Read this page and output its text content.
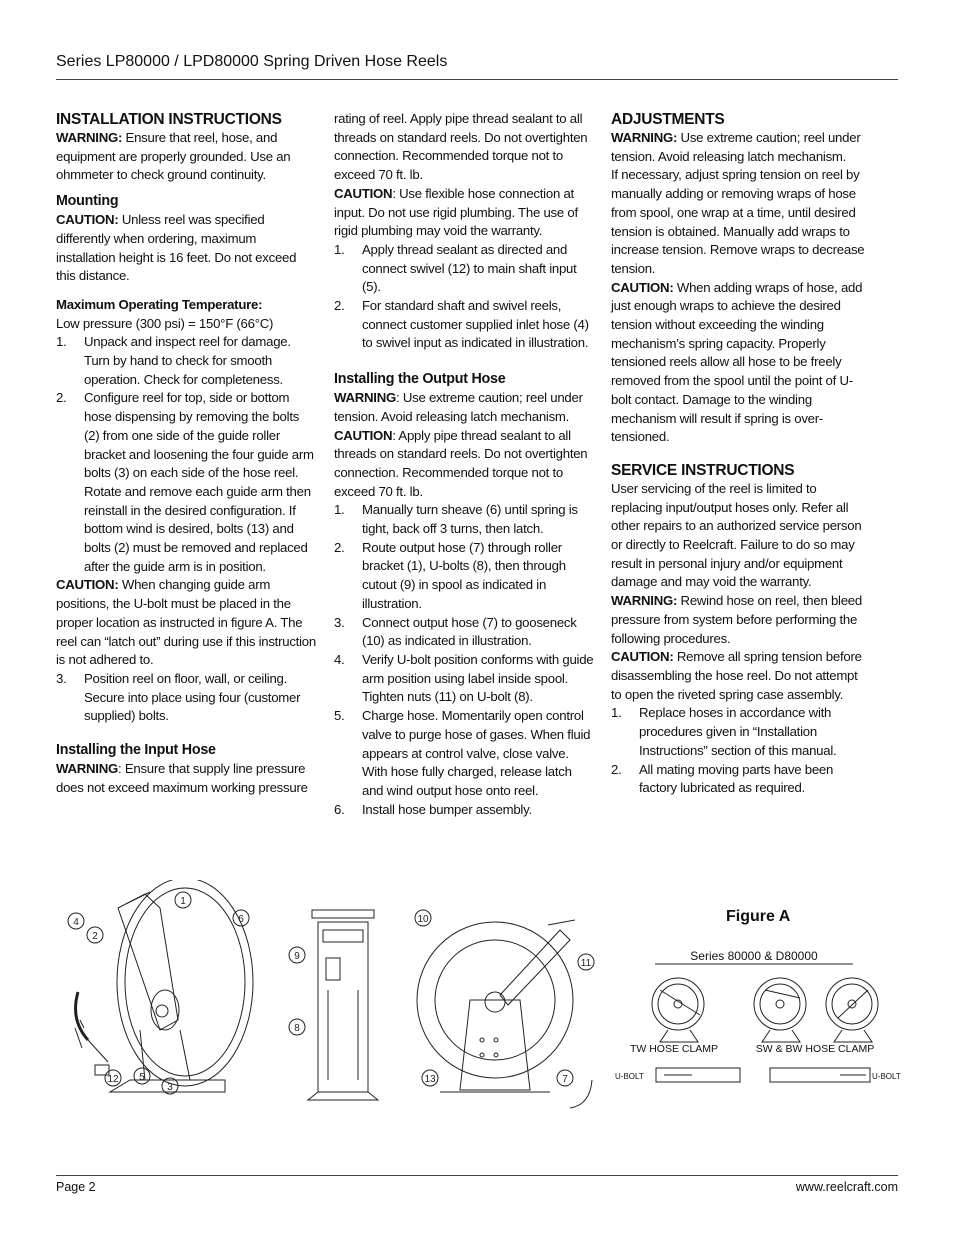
Series LP80000 / LPD80000 Spring Driven Hose Reels

INSTALLATION INSTRUCTIONS

WARNING: Ensure that reel, hose, and equipment are properly grounded. Use an ohmmeter to check ground continuity.

Mounting

CAUTION: Unless reel was specified differently when ordering, maximum installation height is 16 feet. Do not exceed this distance.

Maximum Operating Temperature:

Low pressure (300 psi) = 150°F (66°C)

1. Unpack and inspect reel for damage. Turn by hand to check for smooth operation. Check for completeness.
2. Configure reel for top, side or bottom hose dispensing by removing the bolts (2) from one side of the guide roller bracket and loosening the four guide arm bolts (3) on each side of the hose reel. Rotate and remove each guide arm then reinstall in the desired configuration. If bottom wind is desired, bolts (13) and bolts (2) must be removed and replaced after the guide arm is in position.

CAUTION: When changing guide arm positions, the U-bolt must be placed in the proper location as instructed in figure A. The reel can “latch out” during use if this instruction is not adhered to.

3. Position reel on floor, wall, or ceiling. Secure into place using four (customer supplied) bolts.

Installing the Input Hose

WARNING: Ensure that supply line pressure does not exceed maximum working pressure

rating of reel. Apply pipe thread sealant to all threads on standard reels. Do not overtighten connection. Recommended torque not to exceed 70 ft. lb.

CAUTION: Use flexible hose connection at input. Do not use rigid plumbing. The use of rigid plumbing may void the warranty.

1. Apply thread sealant as directed and connect swivel (12) to main shaft input (5).
2. For standard shaft and swivel reels, connect customer supplied inlet hose (4) to swivel input as indicated in illustration.

Installing the Output Hose

WARNING: Use extreme caution; reel under tension. Avoid releasing latch mechanism.

CAUTION: Apply pipe thread sealant to all threads on standard reels. Do not overtighten connection. Recommended torque not to exceed 70 ft. lb.

1. Manually turn sheave (6) until spring is tight, back off 3 turns, then latch.
2. Route output hose (7) through roller bracket (1), U-bolts (8), then through cutout (9) in spool as indicated in illustration.
3. Connect output hose (7) to gooseneck (10) as indicated in illustration.
4. Verify U-bolt position conforms with guide arm position using label inside spool. Tighten nuts (11) on U-bolt (8).
5. Charge hose. Momentarily open control valve to purge hose of gases. When fluid appears at control valve, close valve. With hose fully charged, release latch and wind output hose onto reel.
6. Install hose bumper assembly.

ADJUSTMENTS

WARNING: Use extreme caution; reel under tension. Avoid releasing latch mechanism.

If necessary, adjust spring tension on reel by manually adding or removing wraps of hose from spool, one wrap at a time, until desired tension is obtained. Manually add wraps to increase tension. Remove wraps to decrease tension.

CAUTION: When adding wraps of hose, add just enough wraps to achieve the desired tension without exceeding the winding mechanism’s spring capacity. Properly tensioned reels allow all hose to be freely removed from the spool until the point of U-bolt contact. Damage to the winding mechanism will result if spring is over-tensioned.

SERVICE INSTRUCTIONS

User servicing of the reel is limited to replacing input/output hoses only. Refer all other repairs to an authorized service person or directly to Reelcraft. Failure to do so may result in personal injury and/or equipment damage and may void the warranty.

WARNING: Rewind hose on reel, then bleed pressure from system before performing the following procedures.

CAUTION: Remove all spring tension before disassembling the hose reel. Do not attempt to open the riveted spring case assembly.

1. Replace hoses in accordance with procedures given in “Installation Instructions” section of this manual.
2. All mating moving parts have been factory lubricated as required.
1
2
3
4
5
6
7
8
9
10
11
12	13
Series 80000 & D80000
TW HOSE CLAMP	SW & BW HOSE CLAMP
U-BOLT	U-BOLT
Figure A
Page 2	www.reelcraft.com
